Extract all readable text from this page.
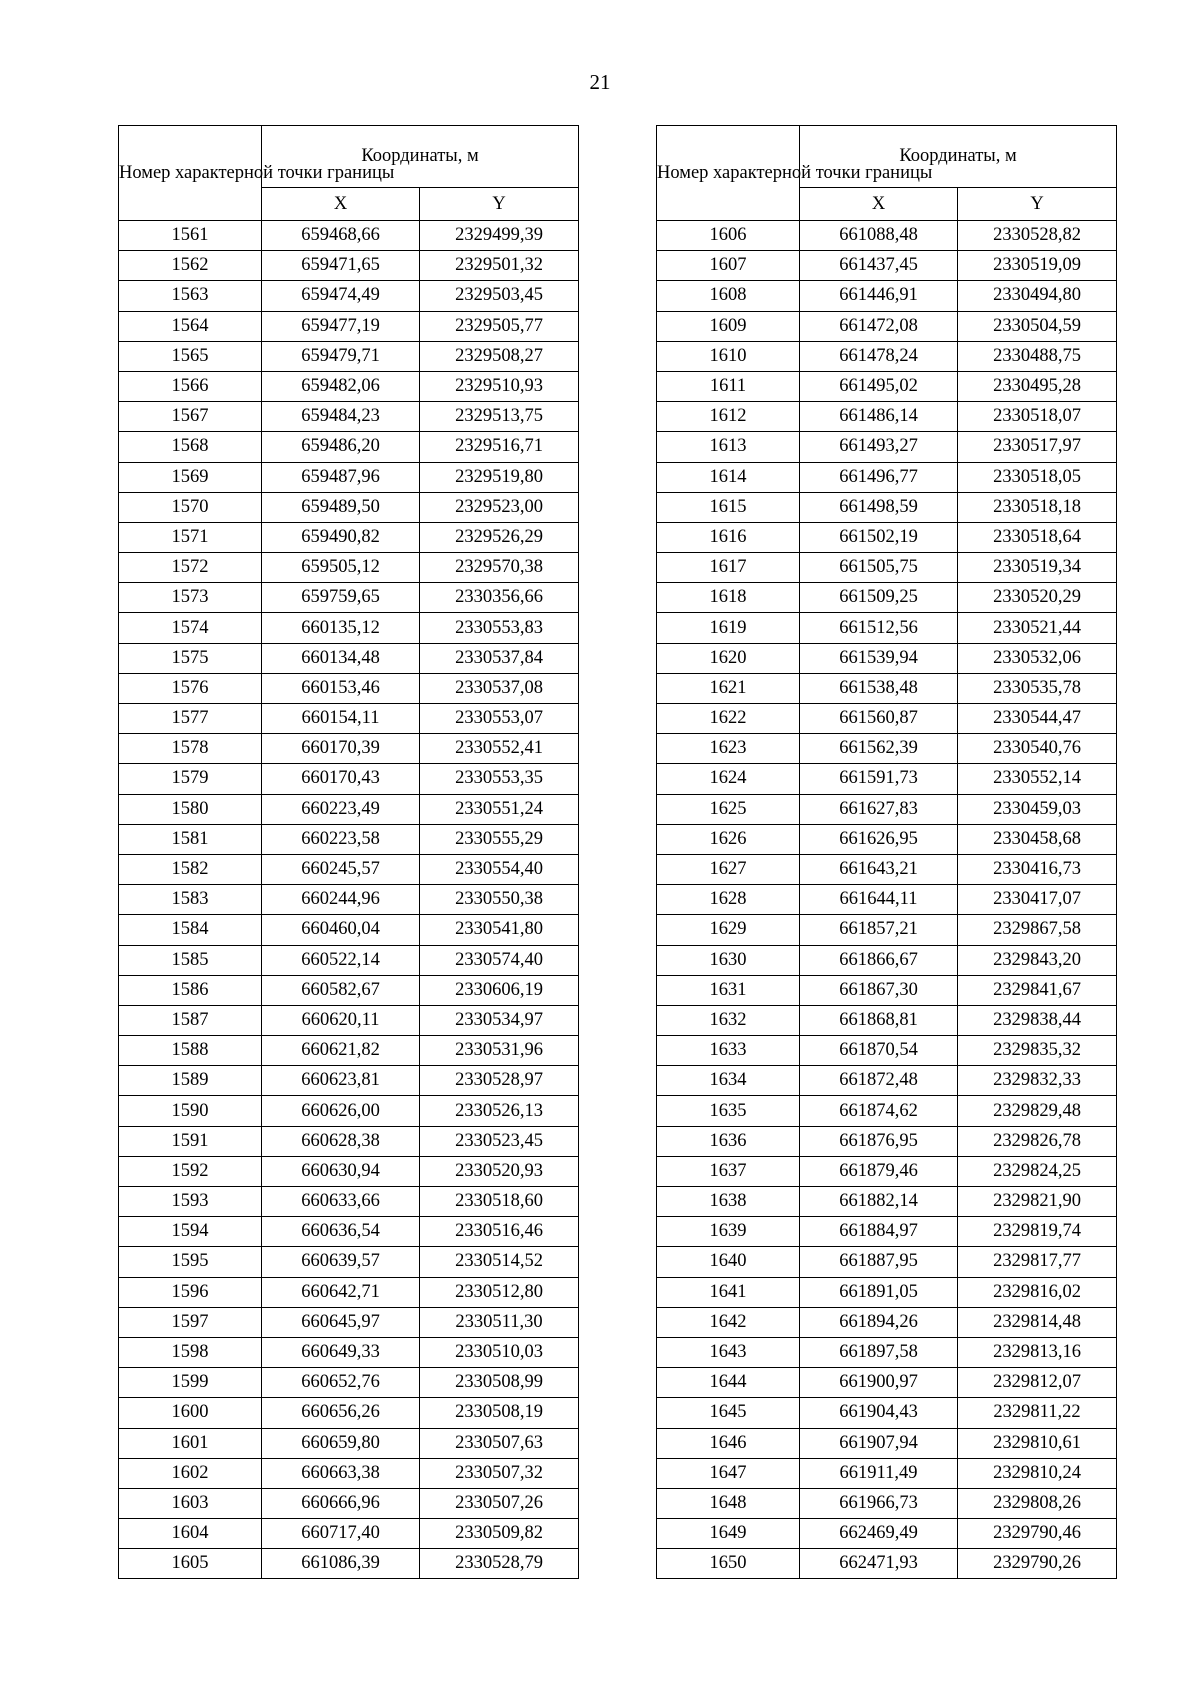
21
Номер характерной точки границы	Координаты, м	
	X	Y
1561	659468,66	2329499,39
1562	659471,65	2329501,32
1563	659474,49	2329503,45
1564	659477,19	2329505,77
1565	659479,71	2329508,27
1566	659482,06	2329510,93
1567	659484,23	2329513,75
1568	659486,20	2329516,71
1569	659487,96	2329519,80
1570	659489,50	2329523,00
1571	659490,82	2329526,29
1572	659505,12	2329570,38
1573	659759,65	2330356,66
1574	660135,12	2330553,83
1575	660134,48	2330537,84
1576	660153,46	2330537,08
1577	660154,11	2330553,07
1578	660170,39	2330552,41
1579	660170,43	2330553,35
1580	660223,49	2330551,24
1581	660223,58	2330555,29
1582	660245,57	2330554,40
1583	660244,96	2330550,38
1584	660460,04	2330541,80
1585	660522,14	2330574,40
1586	660582,67	2330606,19
1587	660620,11	2330534,97
1588	660621,82	2330531,96
1589	660623,81	2330528,97
1590	660626,00	2330526,13
1591	660628,38	2330523,45
1592	660630,94	2330520,93
1593	660633,66	2330518,60
1594	660636,54	2330516,46
1595	660639,57	2330514,52
1596	660642,71	2330512,80
1597	660645,97	2330511,30
1598	660649,33	2330510,03
1599	660652,76	2330508,99
1600	660656,26	2330508,19
1601	660659,80	2330507,63
1602	660663,38	2330507,32
1603	660666,96	2330507,26
1604	660717,40	2330509,82
1605	661086,39	2330528,79
Номер характерной точки границы	Координаты, м	
	X	Y
1606	661088,48	2330528,82
1607	661437,45	2330519,09
1608	661446,91	2330494,80
1609	661472,08	2330504,59
1610	661478,24	2330488,75
1611	661495,02	2330495,28
1612	661486,14	2330518,07
1613	661493,27	2330517,97
1614	661496,77	2330518,05
1615	661498,59	2330518,18
1616	661502,19	2330518,64
1617	661505,75	2330519,34
1618	661509,25	2330520,29
1619	661512,56	2330521,44
1620	661539,94	2330532,06
1621	661538,48	2330535,78
1622	661560,87	2330544,47
1623	661562,39	2330540,76
1624	661591,73	2330552,14
1625	661627,83	2330459,03
1626	661626,95	2330458,68
1627	661643,21	2330416,73
1628	661644,11	2330417,07
1629	661857,21	2329867,58
1630	661866,67	2329843,20
1631	661867,30	2329841,67
1632	661868,81	2329838,44
1633	661870,54	2329835,32
1634	661872,48	2329832,33
1635	661874,62	2329829,48
1636	661876,95	2329826,78
1637	661879,46	2329824,25
1638	661882,14	2329821,90
1639	661884,97	2329819,74
1640	661887,95	2329817,77
1641	661891,05	2329816,02
1642	661894,26	2329814,48
1643	661897,58	2329813,16
1644	661900,97	2329812,07
1645	661904,43	2329811,22
1646	661907,94	2329810,61
1647	661911,49	2329810,24
1648	661966,73	2329808,26
1649	662469,49	2329790,46
1650	662471,93	2329790,26
